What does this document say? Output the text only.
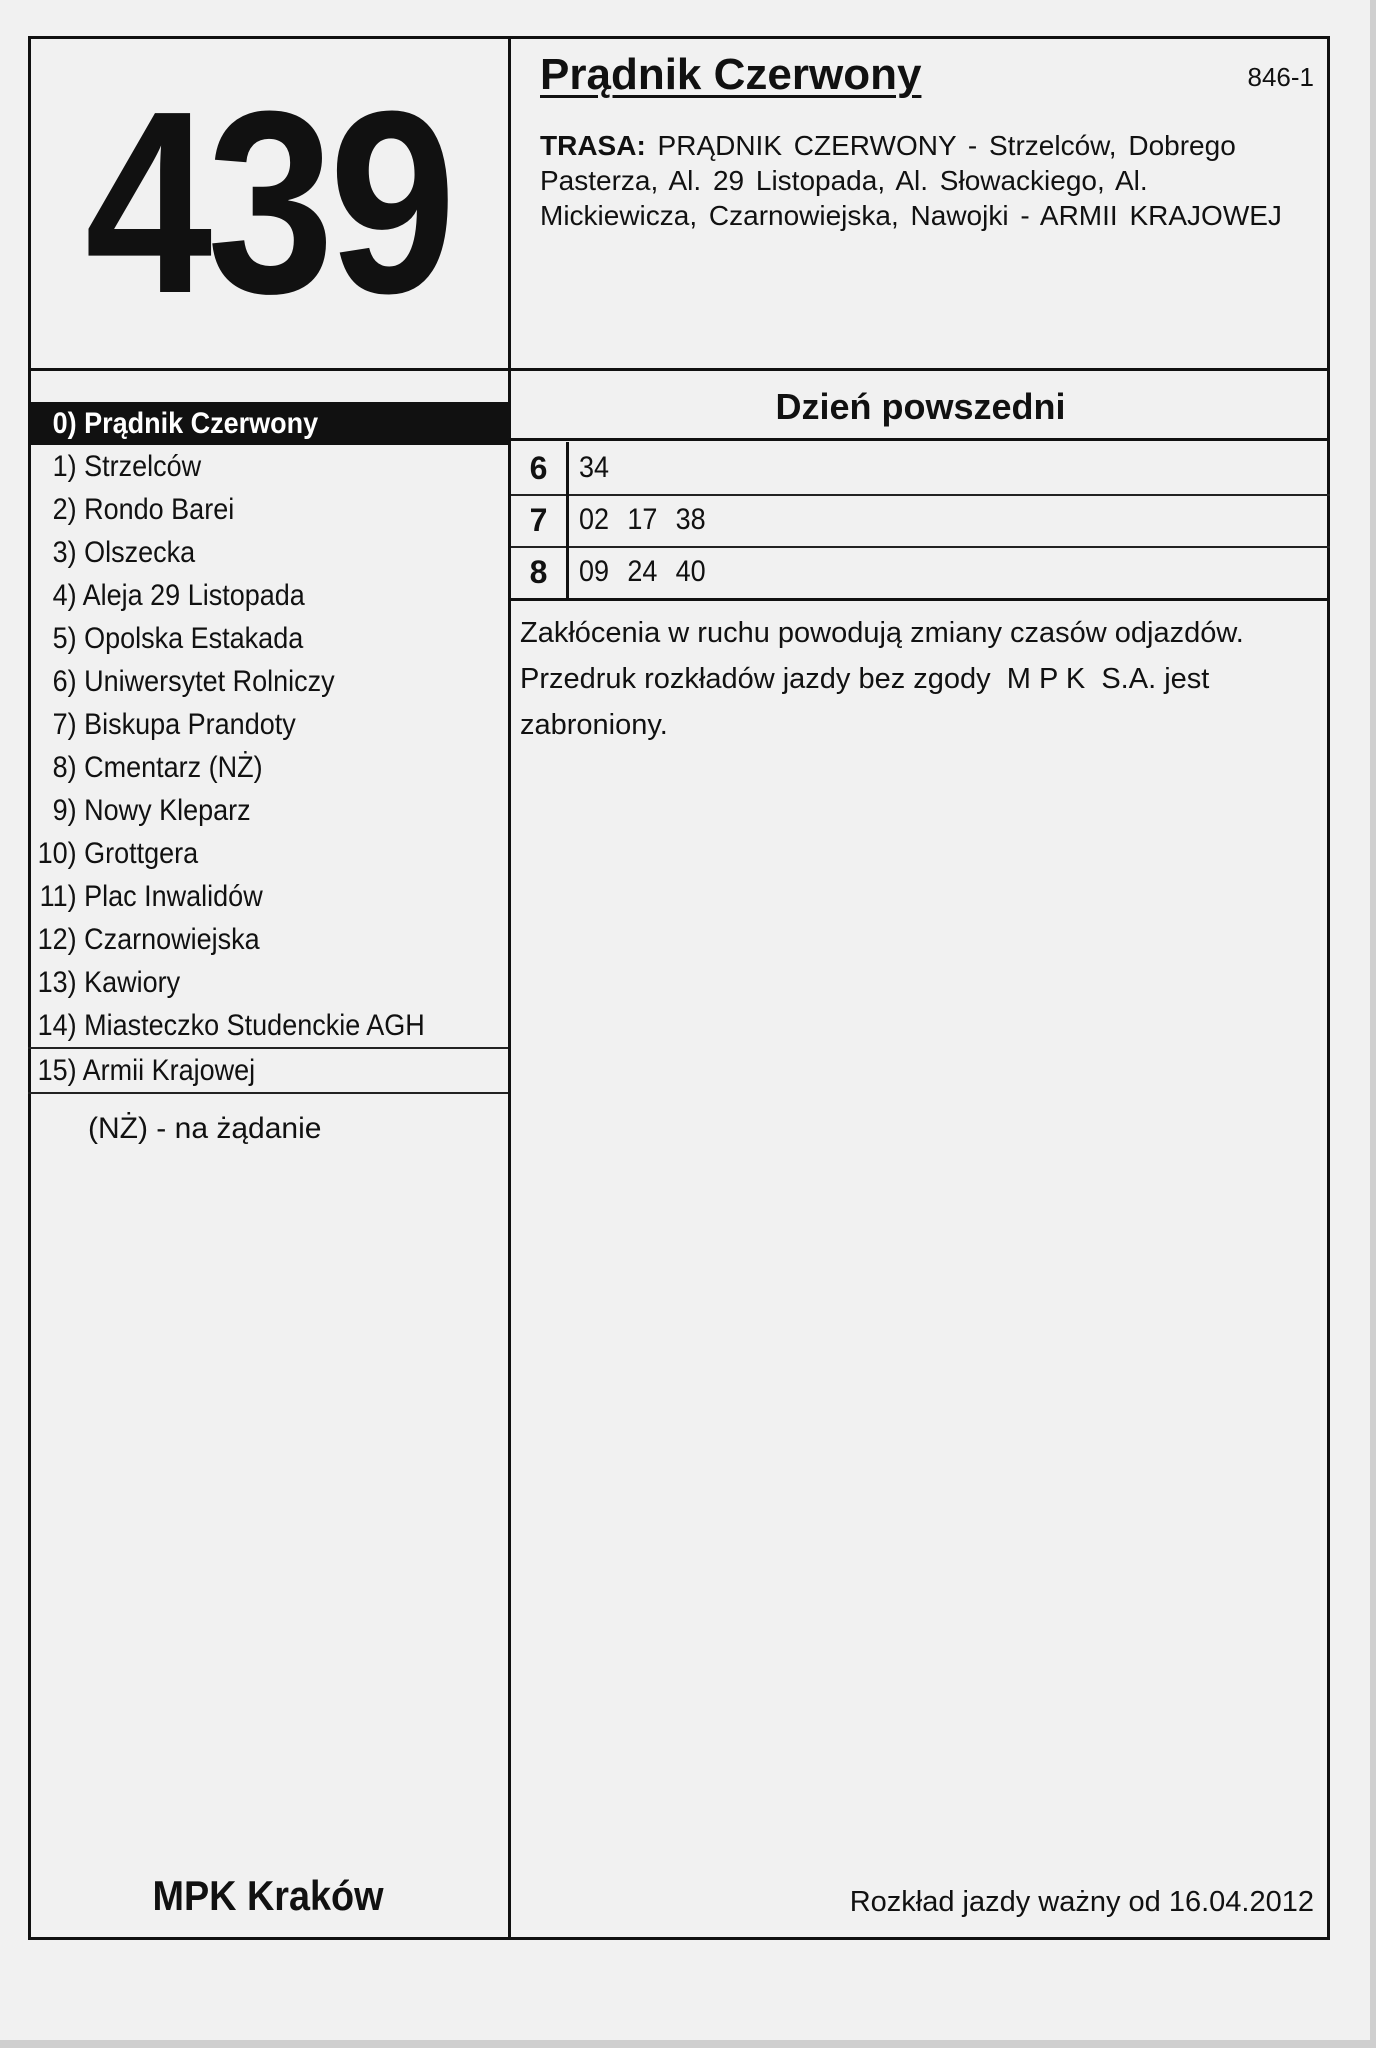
439	Prądnik Czerwony	846-1
TRASA: PRĄDNIK CZERWONY - Strzelców, Dobrego Pasterza, Al. 29 Listopada, Al. Słowackiego, Al. Mickiewicza, Czarnowiejska, Nawojki - ARMII KRAJOWEJ
0) Prądnik Czerwony
1) Strzelców
2) Rondo Barei
3) Olszecka
4) Aleja 29 Listopada
5) Opolska Estakada
6) Uniwersytet Rolniczy
7) Biskupa Prandoty
8) Cmentarz (NŻ)
9) Nowy Kleparz
10) Grottgera
11) Plac Inwalidów
12) Czarnowiejska
13) Kawiory
14) Miasteczko Studenckie AGH
15) Armii Krajowej
(NŻ) - na żądanie
MPK Kraków
Dzień powszedni
6	34
7	02 17 38
8	09 24 40
Zakłócenia w ruchu powodują zmiany czasów odjazdów.
Przedruk rozkładów jazdy bez zgody  M P K  S.A. jest zabroniony.
Rozkład jazdy ważny od 16.04.2012
